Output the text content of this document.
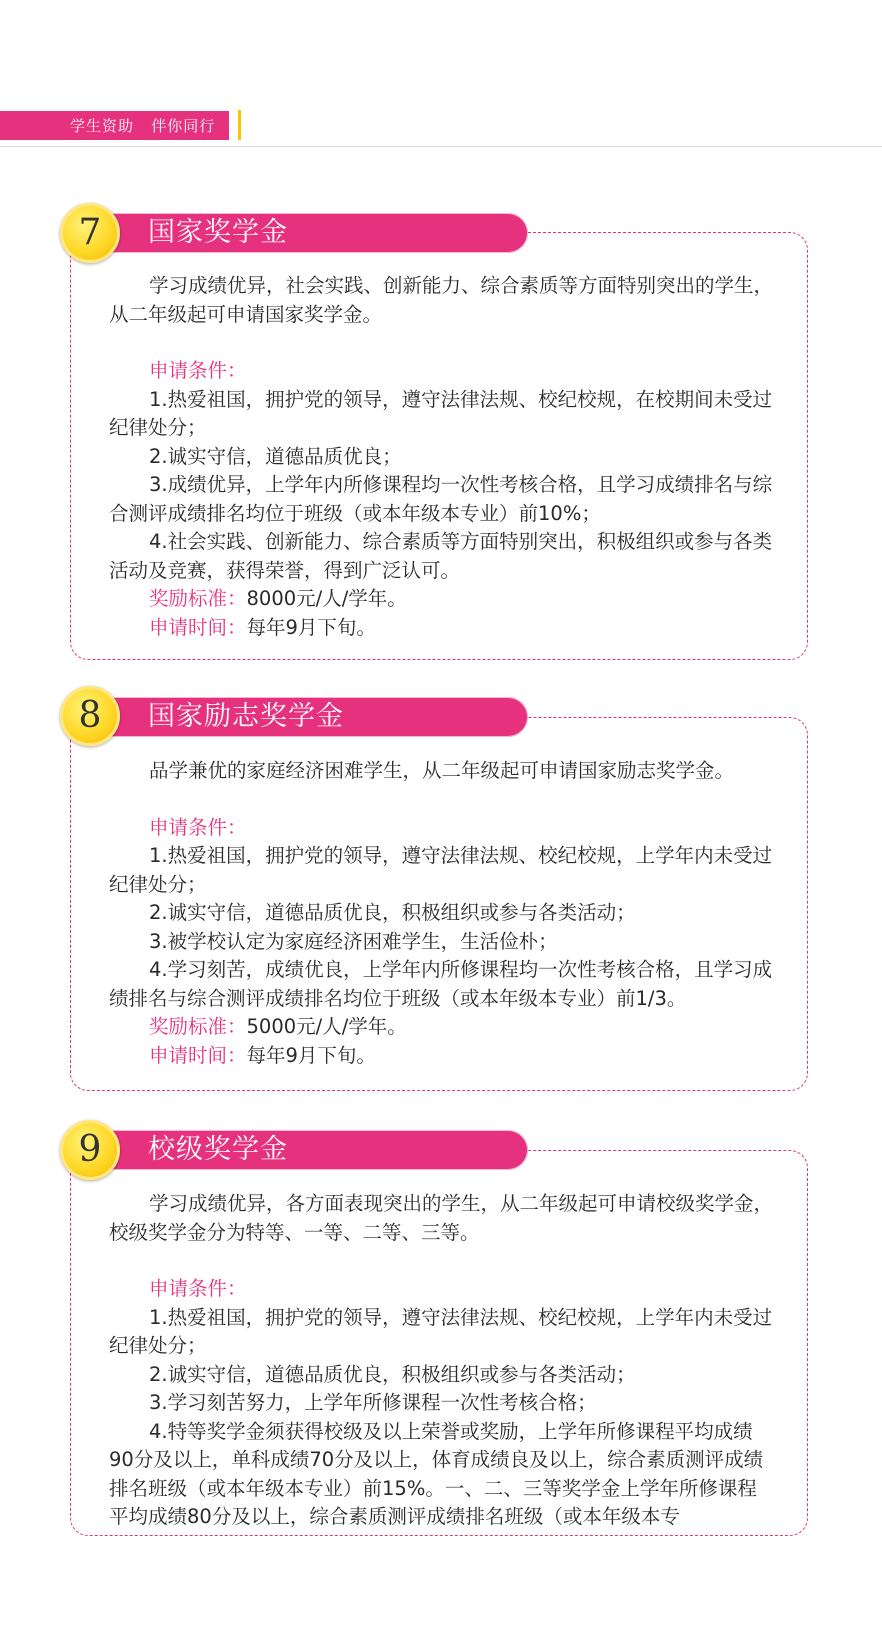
学生资助   伴你同行
国家奖学金
7

学习成绩优异，社会实践、创新能力、综合素质等方面特别突出的学生，从二年级起可申请国家奖学金。

申请条件：

1.热爱祖国，拥护党的领导，遵守法律法规、校纪校规，在校期间未受过纪律处分；

2.诚实守信，道德品质优良；

3.成绩优异，上学年内所修课程均一次性考核合格，且学习成绩排名与综合测评成绩排名均位于班级（或本年级本专业）前10%；

4.社会实践、创新能力、综合素质等方面特别突出，积极组织或参与各类活动及竞赛，获得荣誉，得到广泛认可。

奖励标准：8000元/人/学年。

申请时间：每年9月下旬。

国家励志奖学金
8

品学兼优的家庭经济困难学生，从二年级起可申请国家励志奖学金。

申请条件：

1.热爱祖国，拥护党的领导，遵守法律法规、校纪校规，上学年内未受过纪律处分；

2.诚实守信，道德品质优良，积极组织或参与各类活动；

3.被学校认定为家庭经济困难学生，生活俭朴；

4.学习刻苦，成绩优良，上学年内所修课程均一次性考核合格，且学习成绩排名与综合测评成绩排名均位于班级（或本年级本专业）前1/3。

奖励标准：5000元/人/学年。

申请时间：每年9月下旬。

校级奖学金
9

学习成绩优异，各方面表现突出的学生，从二年级起可申请校级奖学金，校级奖学金分为特等、一等、二等、三等。

申请条件：

1.热爱祖国，拥护党的领导，遵守法律法规、校纪校规，上学年内未受过纪律处分；

2.诚实守信，道德品质优良，积极组织或参与各类活动；

3.学习刻苦努力，上学年所修课程一次性考核合格；

4.特等奖学金须获得校级及以上荣誉或奖励，上学年所修课程平均成绩90分及以上，单科成绩70分及以上，体育成绩良及以上，综合素质测评成绩排名班级（或本年级本专业）前15%。一、二、三等奖学金上学年所修课程平均成绩80分及以上，综合素质测评成绩排名班级（或本年级本专
